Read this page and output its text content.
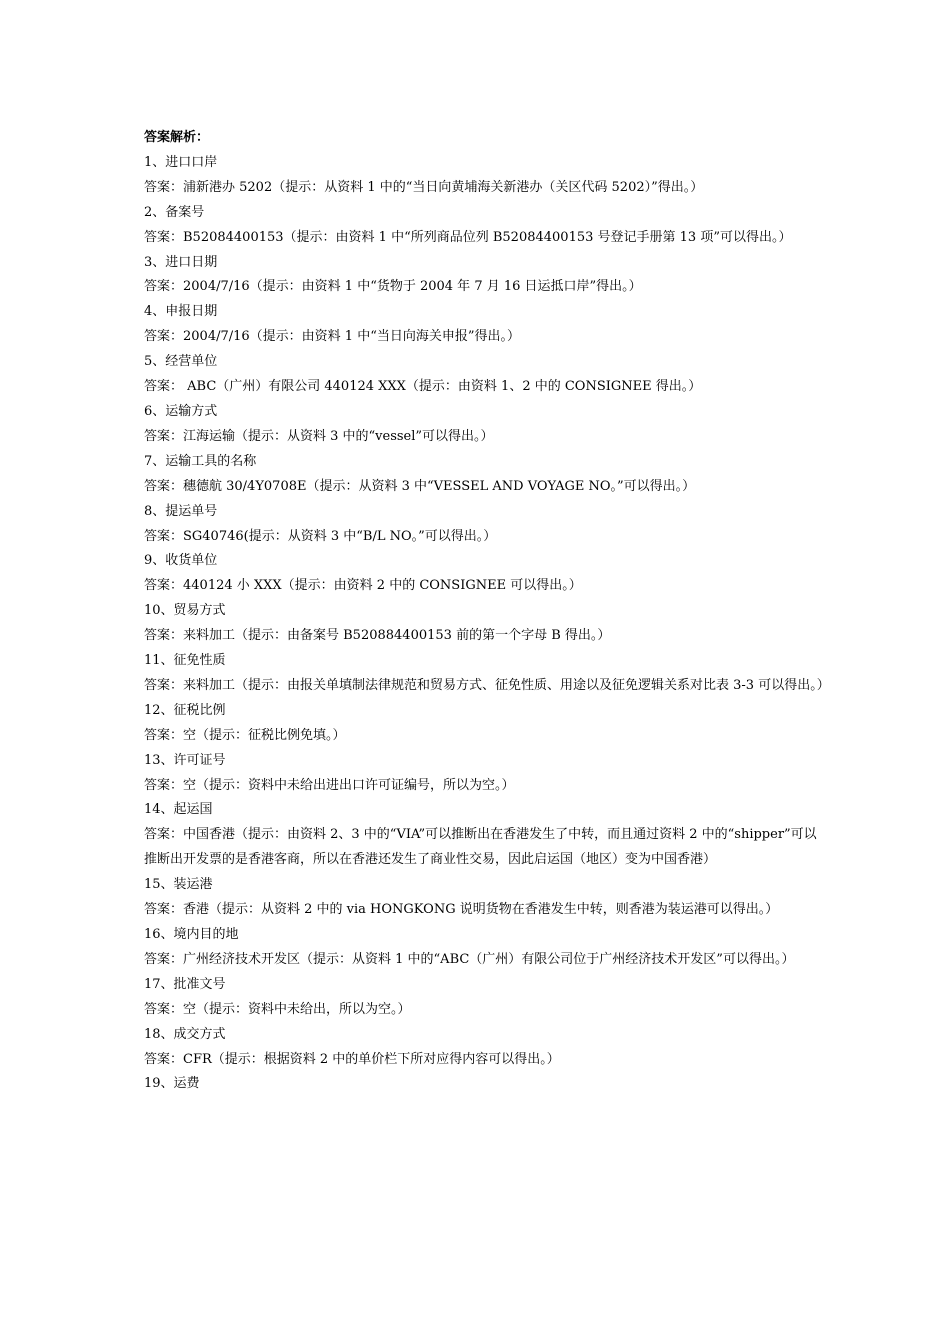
答案解析：

1、进口口岸

答案：浦新港办 5202（提示：从资料 1 中的“当日向黄埔海关新港办（关区代码 5202）”得出。）

2、备案号

答案：B52084400153（提示：由资料 1 中“所列商品位列 B52084400153 号登记手册第 13 项”可以得出。）

3、进口日期

答案：2004/7/16（提示：由资料 1 中“货物于 2004 年 7 月 16 日运抵口岸”得出。）

4、申报日期

答案：2004/7/16（提示：由资料 1 中“当日向海关申报”得出。）

5、经营单位

答案： ABC（广州）有限公司 440124 XXX（提示：由资料 1、2 中的 CONSIGNEE 得出。）

6、运输方式

答案：江海运输（提示：从资料 3 中的“vessel”可以得出。）

7、运输工具的名称

答案：穗德航 30/4Y0708E（提示：从资料 3 中“VESSEL AND VOYAGE NO。”可以得出。）

8、提运单号

答案：SG40746(提示：从资料 3 中“B/L NO。”可以得出。）

9、收货单位

答案：440124 小 XXX（提示：由资料 2 中的 CONSIGNEE 可以得出。）

10、贸易方式

答案：来料加工（提示：由备案号 B520884400153 前的第一个字母 B 得出。）

11、征免性质

答案：来料加工（提示：由报关单填制法律规范和贸易方式、征免性质、用途以及征免逻辑关系对比表 3-3 可以得出。）

12、征税比例

答案：空（提示：征税比例免填。）

13、许可证号

答案：空（提示：资料中未给出进出口许可证编号，所以为空。）

14、起运国

答案：中国香港（提示：由资料 2、3 中的“VIA”可以推断出在香港发生了中转，而且通过资料 2 中的“shipper”可以推断出开发票的是香港客商，所以在香港还发生了商业性交易，因此启运国（地区）变为中国香港）

15、装运港

答案：香港（提示：从资料 2 中的 via HONGKONG 说明货物在香港发生中转，则香港为装运港可以得出。）

16、境内目的地

答案：广州经济技术开发区（提示：从资料 1 中的“ABC（广州）有限公司位于广州经济技术开发区”可以得出。）

17、批准文号

答案：空（提示：资料中未给出，所以为空。）

18、成交方式

答案：CFR（提示：根据资料 2 中的单价栏下所对应得内容可以得出。）

19、运费
